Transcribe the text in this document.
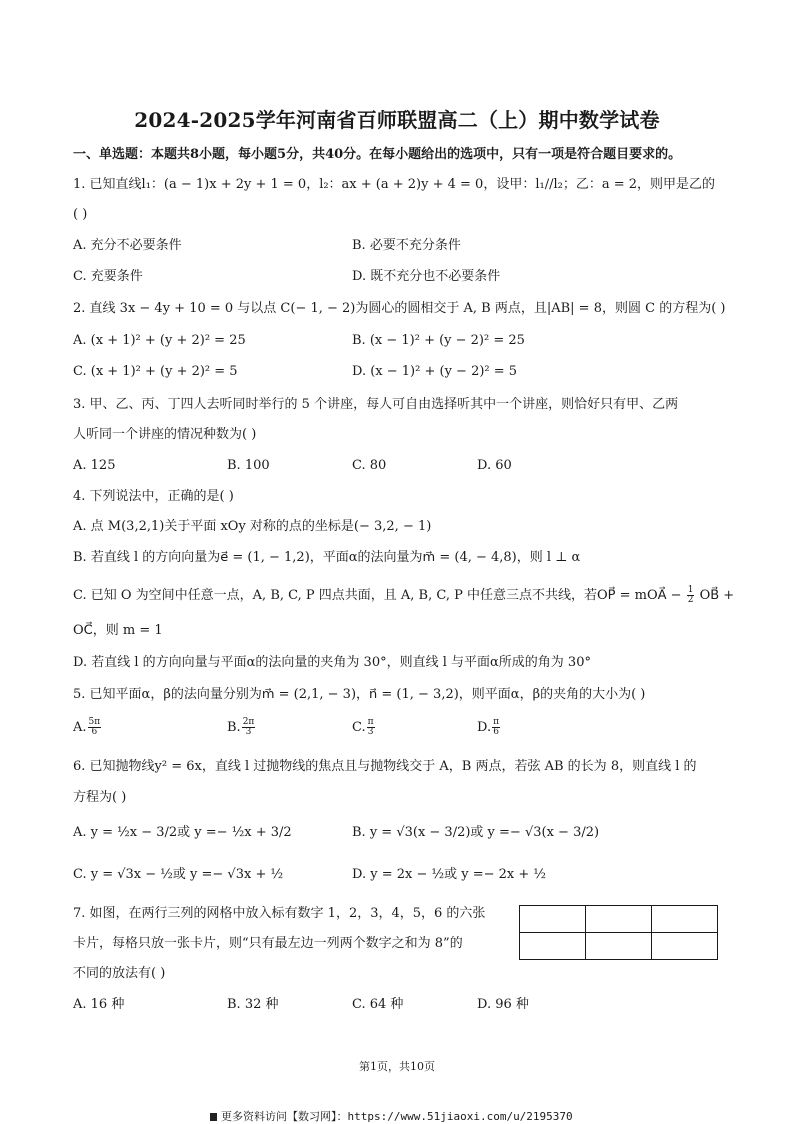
2024-2025学年河南省百师联盟高二（上）期中数学试卷
一、单选题：本题共8小题，每小题5分，共40分。在每小题给出的选项中，只有一项是符合题目要求的。
1. 已知直线l₁：(a − 1)x + 2y + 1 = 0，l₂：ax + (a + 2)y + 4 = 0，设甲：l₁//l₂；乙：a = 2，则甲是乙的
( )
A. 充分不必要条件	B. 必要不充分条件
C. 充要条件	D. 既不充分也不必要条件
2. 直线 3x − 4y + 10 = 0 与以点 C(− 1, − 2)为圆心的圆相交于 A, B 两点，且|AB| = 8，则圆 C 的方程为( )
A. (x + 1)² + (y + 2)² = 25	B. (x − 1)² + (y − 2)² = 25
C. (x + 1)² + (y + 2)² = 5	D. (x − 1)² + (y − 2)² = 5
3. 甲、乙、丙、丁四人去听同时举行的 5 个讲座，每人可自由选择听其中一个讲座，则恰好只有甲、乙两
人听同一个讲座的情况种数为( )
A. 125	B. 100	C. 80	D. 60
4. 下列说法中，正确的是( )
A. 点 M(3,2,1)关于平面 xOy 对称的点的坐标是(− 3,2, − 1)
B. 若直线 l 的方向向量为e⃗ = (1, − 1,2)，平面α的法向量为m⃗ = (4, − 4,8)，则 l ⊥ α
C. 已知 O 为空间中任意一点，A, B, C, P 四点共面，且 A, B, C, P 中任意三点不共线，若OP⃗ = mOA⃗ − $\frac{1}{2}$ OB⃗ +
OC⃗，则 m = 1
D. 若直线 l 的方向向量与平面α的法向量的夹角为 30°，则直线 l 与平面α所成的角为 30°
5. 已知平面α，β的法向量分别为m⃗ = (2,1, − 3)，n⃗ = (1, − 3,2)，则平面α，β的夹角的大小为( )
A. $\frac{5\pi}{6}$	B. $\frac{2\pi}{3}$	C. $\frac{\pi}{3}$	D. $\frac{\pi}{6}$
6. 已知抛物线y² = 6x，直线 l 过抛物线的焦点且与抛物线交于 A，B 两点，若弦 AB 的长为 8，则直线 l 的
方程为( )
A. y = ½x − 3/2或 y =− ½x + 3/2	B. y = √3(x − 3/2)或 y =− √3(x − 3/2)
C. y = √3x − ½或 y =− √3x + ½	D. y = 2x − ½或 y =− 2x + ½
7. 如图，在两行三列的网格中放入标有数字 1，2，3，4，5，6 的六张
卡片，每格只放一张卡片，则“只有最左边一列两个数字之和为 8”的
不同的放法有( )

A. 16 种	B. 32 种	C. 64 种	D. 96 种
第1页，共10页
更多资料访问【数习网】：https://www.51jiaoxi.com/u/2195370
